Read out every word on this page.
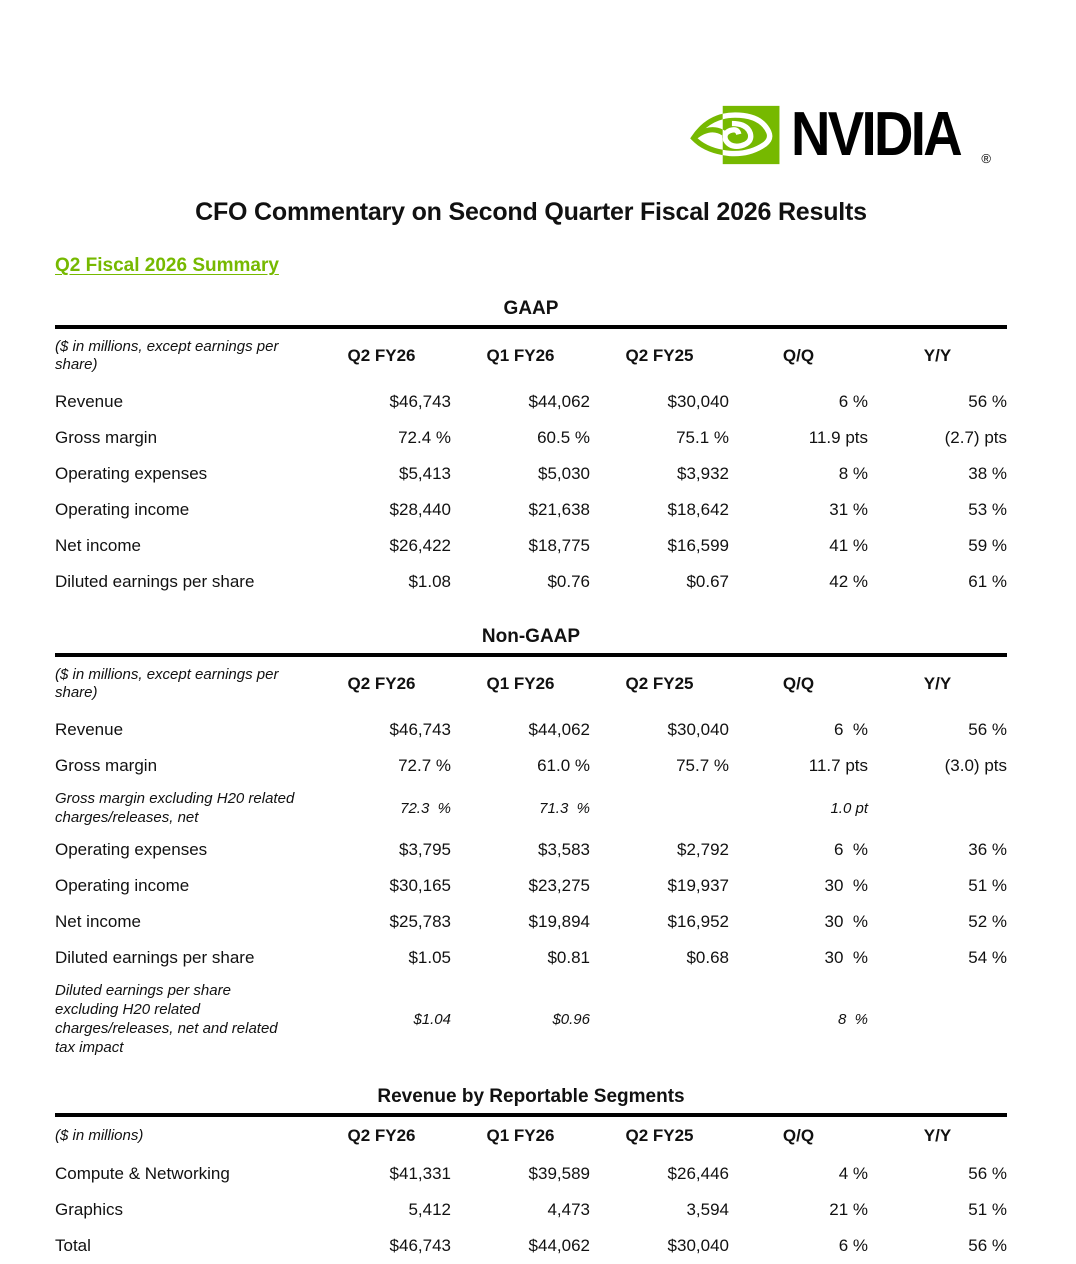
NVIDIA ®
CFO Commentary on Second Quarter Fiscal 2026 Results
Q2 Fiscal 2026 Summary
GAAP
($ in millions, except earnings per share)	Q2 FY26	Q1 FY26	Q2 FY25	Q/Q	Y/Y
Revenue	$46,743	$44,062	$30,040	6 %	56 %
Gross margin	72.4 %	60.5 %	75.1 %	11.9 pts	(2.7) pts
Operating expenses	$5,413	$5,030	$3,932	8 %	38 %
Operating income	$28,440	$21,638	$18,642	31 %	53 %
Net income	$26,422	$18,775	$16,599	41 %	59 %
Diluted earnings per share	$1.08	$0.76	$0.67	42 %	61 %
Non-GAAP
($ in millions, except earnings per share)	Q2 FY26	Q1 FY26	Q2 FY25	Q/Q	Y/Y
Revenue	$46,743	$44,062	$30,040	6  %	56 %
Gross margin	72.7 %	61.0 %	75.7 %	11.7 pts	(3.0) pts

Gross margin excluding H20 related charges/releases, net	72.3  %	71.3  %		1.0 pt	
Operating expenses	$3,795	$3,583	$2,792	6  %	36 %
Operating income	$30,165	$23,275	$19,937	30  %	51 %
Net income	$25,783	$19,894	$16,952	30  %	52 %
Diluted earnings per share	$1.05	$0.81	$0.68	30  %	54 %

Diluted earnings per share excluding H20 related charges/releases, net and related tax impact	$1.04	$0.96		8  %	
Revenue by Reportable Segments
($ in millions)	Q2 FY26	Q1 FY26	Q2 FY25	Q/Q	Y/Y
Compute & Networking	$41,331	$39,589	$26,446	4 %	56 %
Graphics	5,412	4,473	3,594	21 %	51 %
Total	$46,743	$44,062	$30,040	6 %	56 %
